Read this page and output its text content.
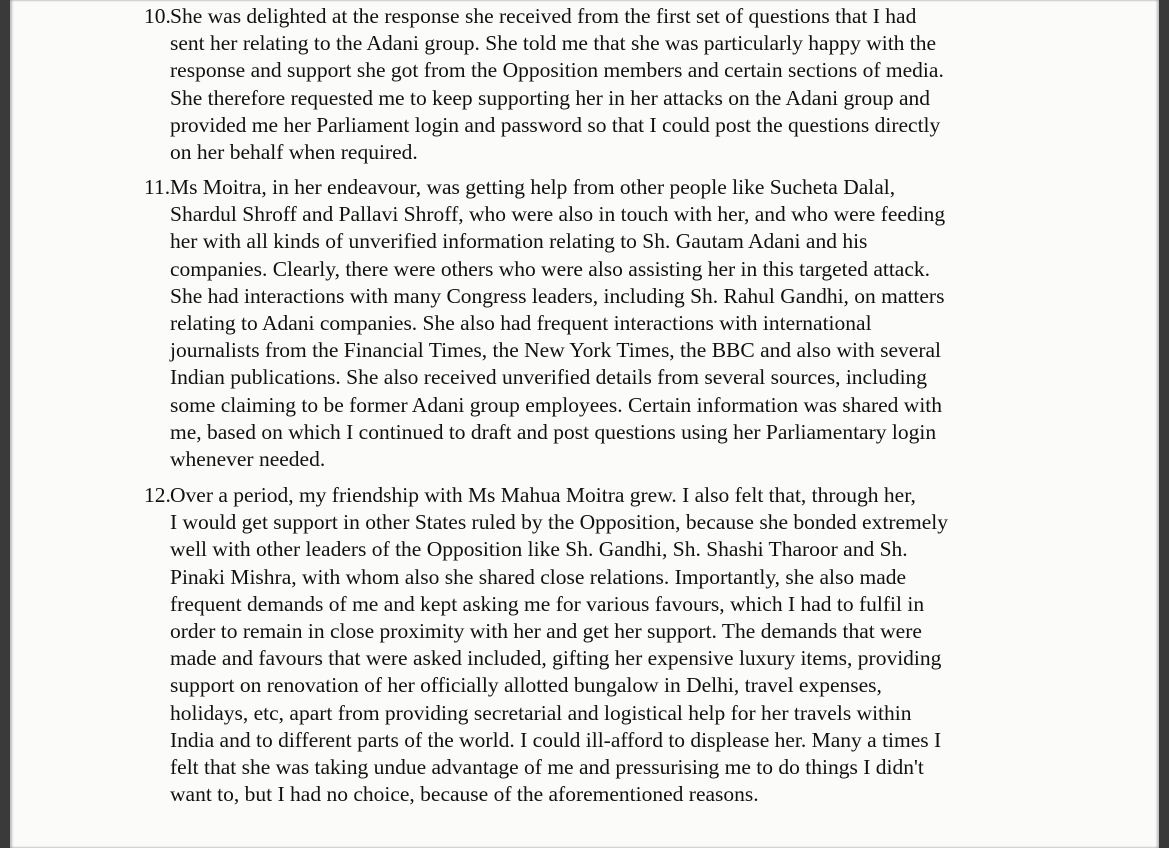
10.She was delighted at the response she received from the first set of questions that I had
sent her relating to the Adani group. She told me that she was particularly happy with the
response and support she got from the Opposition members and certain sections of media.
She therefore requested me to keep supporting her in her attacks on the Adani group and
provided me her Parliament login and password so that I could post the questions directly
on her behalf when required.
11.Ms Moitra, in her endeavour, was getting help from other people like Sucheta Dalal,
Shardul Shroff and Pallavi Shroff, who were also in touch with her, and who were feeding
her with all kinds of unverified information relating to Sh. Gautam Adani and his
companies. Clearly, there were others who were also assisting her in this targeted attack.
She had interactions with many Congress leaders, including Sh. Rahul Gandhi, on matters
relating to Adani companies. She also had frequent interactions with international
journalists from the Financial Times, the New York Times, the BBC and also with several
Indian publications. She also received unverified details from several sources, including
some claiming to be former Adani group employees. Certain information was shared with
me, based on which I continued to draft and post questions using her Parliamentary login
whenever needed.
12.Over a period, my friendship with Ms Mahua Moitra grew. I also felt that, through her,
I would get support in other States ruled by the Opposition, because she bonded extremely
well with other leaders of the Opposition like Sh. Gandhi, Sh. Shashi Tharoor and Sh.
Pinaki Mishra, with whom also she shared close relations. Importantly, she also made
frequent demands of me and kept asking me for various favours, which I had to fulfil in
order to remain in close proximity with her and get her support. The demands that were
made and favours that were asked included, gifting her expensive luxury items, providing
support on renovation of her officially allotted bungalow in Delhi, travel expenses,
holidays, etc, apart from providing secretarial and logistical help for her travels within
India and to different parts of the world. I could ill-afford to displease her. Many a times I
felt that she was taking undue advantage of me and pressurising me to do things I didn't
want to, but I had no choice, because of the aforementioned reasons.
